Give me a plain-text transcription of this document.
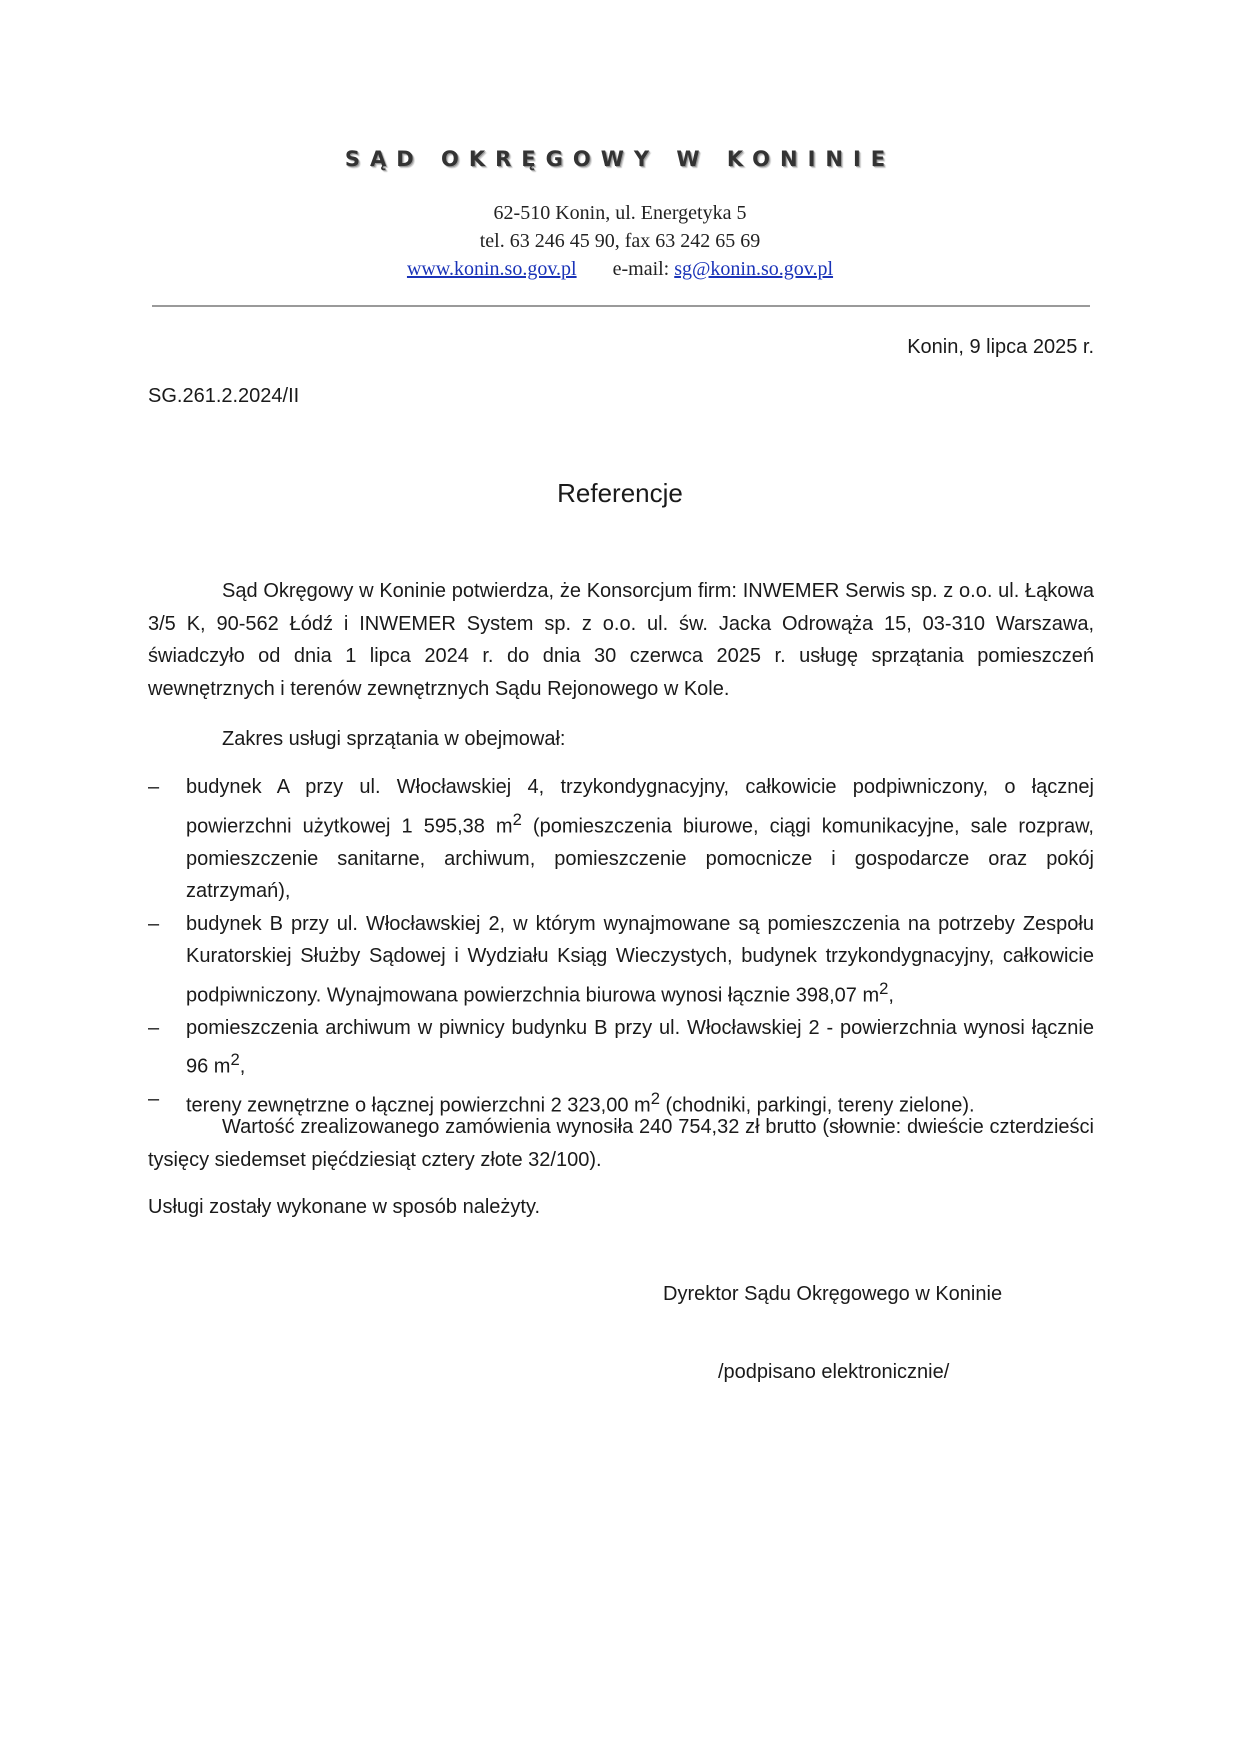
SĄD OKRĘGOWY W KONINIE
62-510 Konin, ul. Energetyka 5
tel. 63 246 45 90, fax 63 242 65 69
www.konin.so.gov.pl e-mail: sg@konin.so.gov.pl
Konin, 9 lipca 2025 r.
SG.261.2.2024/II
Referencje
Sąd Okręgowy w Koninie potwierdza, że Konsorcjum firm: INWEMER Serwis sp. z o.o. ul. Łąkowa 3/5 K, 90-562 Łódź i INWEMER System sp. z o.o. ul. św. Jacka Odrowąża 15, 03-310 Warszawa, świadczyło od dnia 1 lipca 2024 r. do dnia 30 czerwca 2025 r. usługę sprzątania pomieszczeń wewnętrznych i terenów zewnętrznych Sądu Rejonowego w Kole.
Zakres usługi sprzątania w obejmował:
– budynek A przy ul. Włocławskiej 4, trzykondygnacyjny, całkowicie podpiwniczony, o łącznej powierzchni użytkowej 1 595,38 $m^2$ (pomieszczenia biurowe, ciągi komunikacyjne, sale rozpraw, pomieszczenie sanitarne, archiwum, pomieszczenie pomocnicze i gospodarcze oraz pokój zatrzymań),
– budynek B przy ul. Włocławskiej 2, w którym wynajmowane są pomieszczenia na potrzeby Zespołu Kuratorskiej Służby Sądowej i Wydziału Ksiąg Wieczystych, budynek trzykondygnacyjny, całkowicie podpiwniczony. Wynajmowana powierzchnia biurowa wynosi łącznie 398,07 $m^2$,
– pomieszczenia archiwum w piwnicy budynku B przy ul. Włocławskiej 2 - powierzchnia wynosi łącznie 96 $m^2$,
– tereny zewnętrzne o łącznej powierzchni 2 323,00 $m^2$ (chodniki, parkingi, tereny zielone).
Wartość zrealizowanego zamówienia wynosiła 240 754,32 zł brutto (słownie: dwieście czterdzieści tysięcy siedemset pięćdziesiąt cztery złote 32/100).
Usługi zostały wykonane w sposób należyty.
Dyrektor Sądu Okręgowego w Koninie
/podpisano elektronicznie/
